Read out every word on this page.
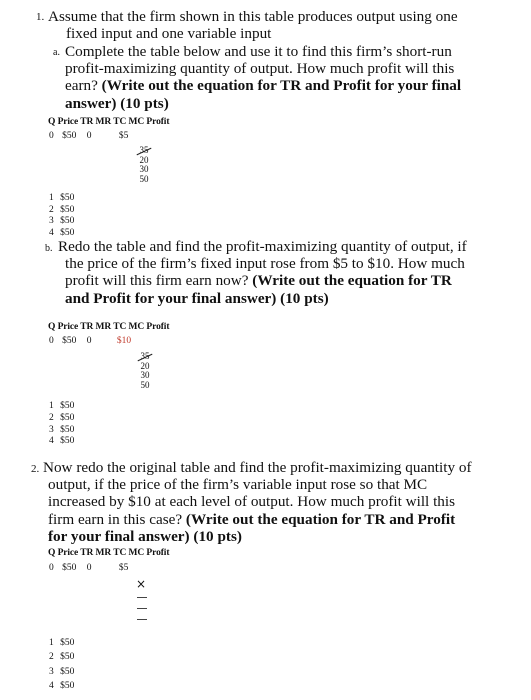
1. Assume that the firm shown in this table produces output using one
fixed input and one variable input
a. Complete the table below and use it to find this firm’s short-run
profit-maximizing quantity of output. How much profit will this
earn? (Write out the equation for TR and Profit for your final
answer) (10 pts)
Q Price TR MR TC MC Profit
0 $50 0	$5
35
20
30
50
1 $50
2 $50
3 $50
4 $50
b. Redo the table and find the profit-maximizing quantity of output, if
the price of the firm’s fixed input rose from $5 to $10. How much
profit will this firm earn now? (Write out the equation for TR
and Profit for your final answer) (10 pts)
Q Price TR MR TC MC Profit
0 $50 0	$10
35
20
30
50
1 $50
2 $50
3 $50
4 $50
2. Now redo the original table and find the profit-maximizing quantity of
output, if the price of the firm’s variable input rose so that MC
increased by $10 at each level of output. How much profit will this
firm earn in this case? (Write out the equation for TR and Profit
for your final answer) (10 pts)
Q Price TR MR TC MC Profit
0 $50 0	$5
×
1 $50
2 $50
3 $50
4 $50
